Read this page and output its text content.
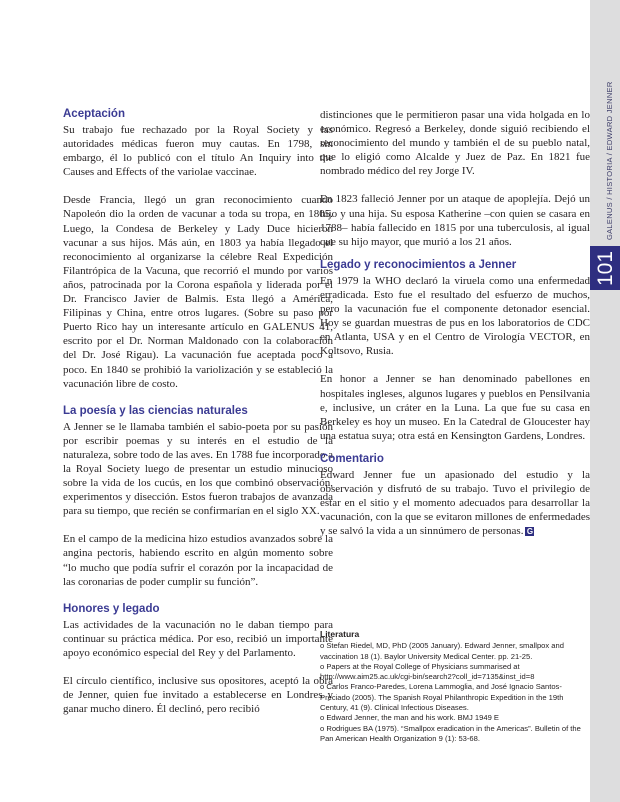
GALENUS / HISTORIA / EDWARD JENNER
101
Aceptación

Su trabajo fue rechazado por la Royal Society y las autoridades médicas fueron muy cautas. En 1798, sin embargo, él lo publicó con el título An Inquiry into the Causes and Effects of the variolae vaccinae.

Desde Francia, llegó un gran reconocimiento cuando Napoleón dio la orden de vacunar a toda su tropa, en 1805. Luego, la Condesa de Berkeley y Lady Duce hicieron vacunar a sus hijos. Más aún, en 1803 ya había llegado el reconocimiento al organizarse la célebre Real Expedición Filantrópica de la Vacuna, que recorrió el mundo por varios años, patrocinada por la Corona española y liderada por el Dr. Francisco Javier de Balmis. Esta llegó a América, Filipinas y China, entre otros lugares. (Sobre su paso por Puerto Rico hay un interesante artículo en GALENUS 41, escrito por el Dr. Norman Maldonado con la colaboración del Dr. José Rigau). La vacunación fue aceptada poco a poco. En 1840 se prohibió la variolización y se estableció la vacunación libre de costo.

La poesía y las ciencias naturales

A Jenner se le llamaba también el sabio-poeta por su pasión por escribir poemas y su interés en el estudio de la naturaleza, sobre todo de las aves. En 1788 fue incorporado a la Royal Society luego de presentar un estudio minucioso sobre la vida de los cucús, en los que combinó observación, experimentos y disección. Estos fueron trabajos de avanzada para su tiempo, que recién se confirmarían en el siglo XX.

En el campo de la medicina hizo estudios avanzados sobre la angina pectoris, habiendo escrito en algún momento sobre “lo mucho que podía sufrir el corazón por la incapacidad de las coronarias de poder cumplir su función”.

Honores y legado

Las actividades de la vacunación no le daban tiempo para continuar su práctica médica. Por eso, recibió un importante apoyo económico especial del Rey y del Parlamento.

El círculo científico, inclusive sus opositores, aceptó la obra de Jenner, quien fue invitado a establecerse en Londres y ganar mucho dinero. Él declinó, pero recibió

distinciones que le permitieron pasar una vida holgada en lo económico. Regresó a Berkeley, donde siguió recibiendo el reconocimiento del mundo y también el de su pueblo natal, que lo eligió como Alcalde y Juez de Paz. En 1821 fue nombrado médico del rey Jorge IV.

En 1823 falleció Jenner por un ataque de apoplejía. Dejó un hijo y una hija. Su esposa Katherine –con quien se casara en 1788– había fallecido en 1815 por una tuberculosis, al igual que su hijo mayor, que murió a los 21 años.

Legado y reconocimientos a Jenner

En 1979 la WHO declaró la viruela como una enfermedad erradicada. Esto fue el resultado del esfuerzo de muchos, pero la vacunación fue el componente detonador esencial. Hoy se guardan muestras de pus en los laboratorios de CDC en Atlanta, USA y en el Centro de Virología VECTOR, en Koltsovo, Rusia.

En honor a Jenner se han denominado pabellones en hospitales ingleses, algunos lugares y pueblos en Pensilvania e, inclusive, un cráter en la Luna. La que fue su casa en Berkeley es hoy un museo. En la Catedral de Gloucester hay una estatua suya; otra está en Kensington Gardens, Londres.

Comentario

Edward Jenner fue un apasionado del estudio y la observación y disfrutó de su trabajo. Tuvo el privilegio de estar en el sitio y el momento adecuados para desarrollar la vacunación, con la que se evitaron millones de enfermedades y se salvó la vida a un sinnúmero de personas. G

Literatura
o Stefan Riedel, MD, PhD (2005 January). Edward Jenner, smallpox and vaccination 18 (1). Baylor University Medical Center. pp. 21-25.
o Papers at the Royal College of Physicians summarised at http://www.aim25.ac.uk/cgi-bin/search2?coll_id=7135&inst_id=8
o Carlos Franco-Paredes, Lorena Lammoglia, and José Ignacio Santos-Preciado (2005). The Spanish Royal Philanthropic Expedition in the 19th Century, 41 (9). Clinical Infectious Diseases.
o Edward Jenner, the man and his work. BMJ 1949 E
o Rodrigues BA (1975). “Smallpox eradication in the Americas”. Bulletin of the Pan American Health Organization 9 (1): 53-68.
